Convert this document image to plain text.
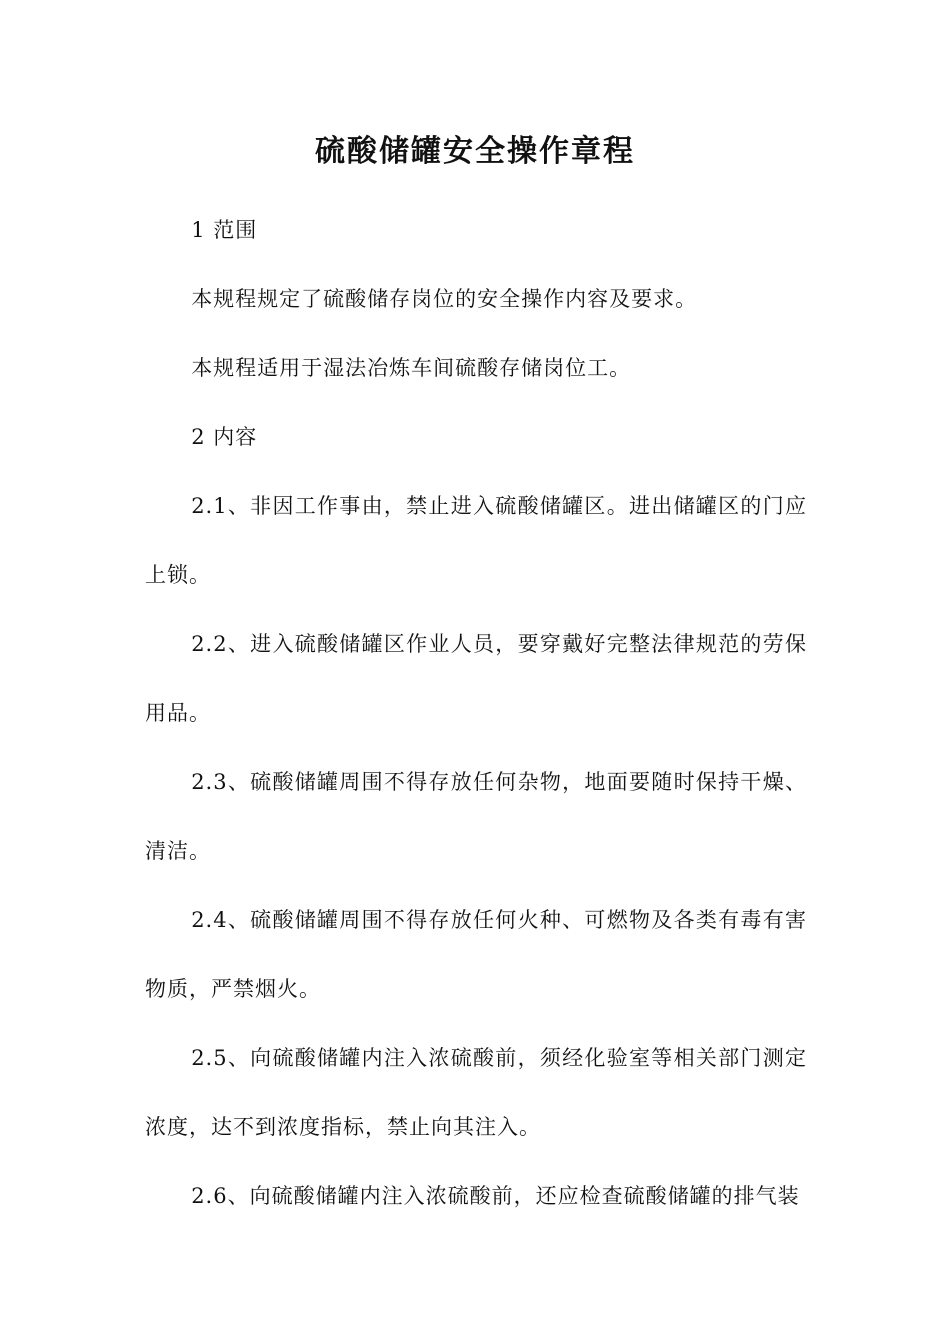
硫酸储罐安全操作章程

1 范围

本规程规定了硫酸储存岗位的安全操作内容及要求。

本规程适用于湿法冶炼车间硫酸存储岗位工。

2 内容

2.1、非因工作事由，禁止进入硫酸储罐区。进出储罐区的门应上锁。

2.2、进入硫酸储罐区作业人员，要穿戴好完整法律规范的劳保用品。

2.3、硫酸储罐周围不得存放任何杂物，地面要随时保持干燥、清洁。

2.4、硫酸储罐周围不得存放任何火种、可燃物及各类有毒有害物质，严禁烟火。

2.5、向硫酸储罐内注入浓硫酸前，须经化验室等相关部门测定浓度，达不到浓度指标，禁止向其注入。

2.6、向硫酸储罐内注入浓硫酸前，还应检查硫酸储罐的排气装
